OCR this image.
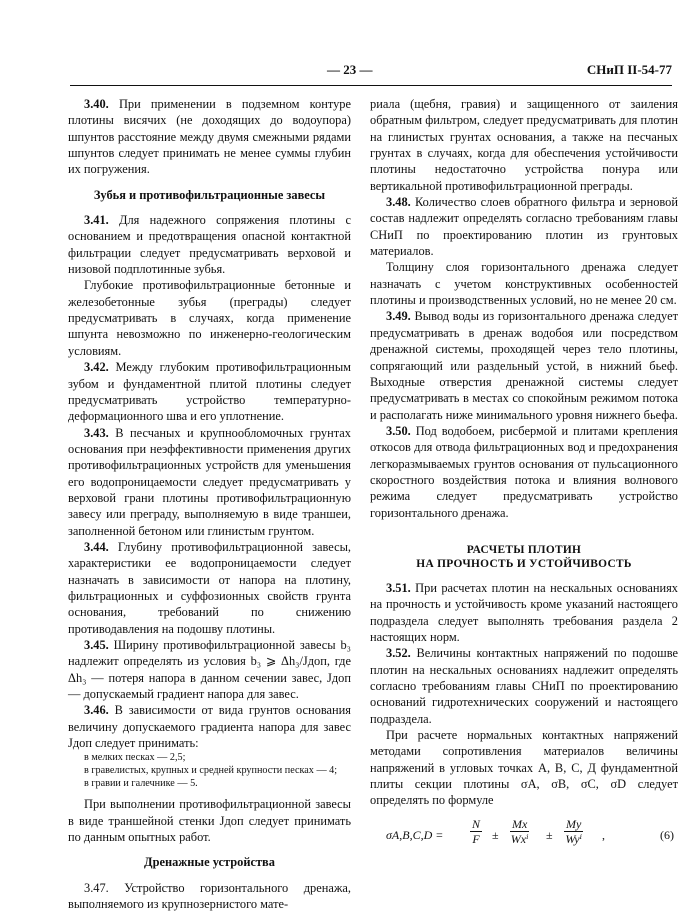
— 23 —	СНиП II-54-77

3.40. При применении в подземном контуре плотины висячих (не доходящих до водоупора) шпунтов расстояние между двумя смежными рядами шпунтов следует принимать не менее суммы глубин их погружения.

Зубья и противофильтрационные завесы

3.41. Для надежного сопряжения плотины с основанием и предотвращения опасной контактной фильтрации следует предусматривать верховой и низовой подплотинные зубья.

Глубокие противофильтрационные бетонные и железобетонные зубья (преграды) следует предусматривать в случаях, когда применение шпунта невозможно по инженерно-геологическим условиям.

3.42. Между глубоким противофильтрационным зубом и фундаментной плитой плотины следует предусматривать устройство температурно-деформационного шва и его уплотнение.

3.43. В песчаных и крупнообломочных грунтах основания при неэффективности применения других противофильтрационных устройств для уменьшения его водопроницаемости следует предусматривать у верховой грани плотины противофильтрационную завесу или преграду, выполняемую в виде траншеи, заполненной бетоном или глинистым грунтом.

3.44. Глубину противофильтрационной завесы, характеристики ее водопроницаемости следует назначать в зависимости от напора на плотину, фильтрационных и суффозионных свойств грунта основания, требований по снижению противодавления на подошву плотины.

3.45. Ширину противофильтрационной завесы b₃ надлежит определять из условия b₃ ⩾ Δh₃/Jдоп, где Δh₃ — потеря напора в данном сечении завес, Jдоп — допускаемый градиент напора для завес.

3.46. В зависимости от вида грунтов основания величину допускаемого градиента напора для завес Jдоп следует принимать:

в мелких песках — 2,5;

в гравелистых, крупных и средней крупности песках — 4;

в гравии и галечнике — 5.

При выполнении противофильтрационной завесы в виде траншейной стенки Jдоп следует принимать по данным опытных работ.

Дренажные устройства

3.47. Устройство горизонтального дренажа, выполняемого из крупнозернистого мате-

риала (щебня, гравия) и защищенного от заиления обратным фильтром, следует предусматривать для плотин на глинистых грунтах основания, а также на песчаных грунтах в случаях, когда для обеспечения устойчивости плотины недостаточно устройства понура или вертикальной противофильтрационной преграды.

3.48. Количество слоев обратного фильтра и зерновой состав надлежит определять согласно требованиям главы СНиП по проектированию плотин из грунтовых материалов.

Толщину слоя горизонтального дренажа следует назначать с учетом конструктивных особенностей плотины и производственных условий, но не менее 20 см.

3.49. Вывод воды из горизонтального дренажа следует предусматривать в дренаж водобоя или посредством дренажной системы, проходящей через тело плотины, сопрягающий или раздельный устой, в нижний бьеф. Выходные отверстия дренажной системы следует предусматривать в местах со спокойным режимом потока и располагать ниже минимального уровня нижнего бьефа.

3.50. Под водобоем, рисбермой и плитами крепления откосов для отвода фильтрационных вод и предохранения легкоразмываемых грунтов основания от пульсационного скоростного воздействия потока и влияния волнового режима следует предусматривать устройство горизонтального дренажа.

РАСЧЕТЫ ПЛОТИН
НА ПРОЧНОСТЬ И УСТОЙЧИВОСТЬ

3.51. При расчетах плотин на нескальных основаниях на прочность и устойчивость кроме указаний настоящего подраздела следует выполнять требования раздела 2 настоящих норм.

3.52. Величины контактных напряжений по подошве плотин на нескальных основаниях надлежит определять согласно требованиям главы СНиП по проектированию оснований гидротехнических сооружений и настоящего подраздела.

При расчете нормальных контактных напряжений методами сопротивления материалов величины напряжений в угловых точках А, В, С, Д фундаментной плиты секции плотины σA, σB, σC, σD следует определять по формуле

$\sigma A,B,C,D = \frac{N}{F}$ ±
Mx
Wxⁱ ±
My
Wyⁱ ,	(6)
